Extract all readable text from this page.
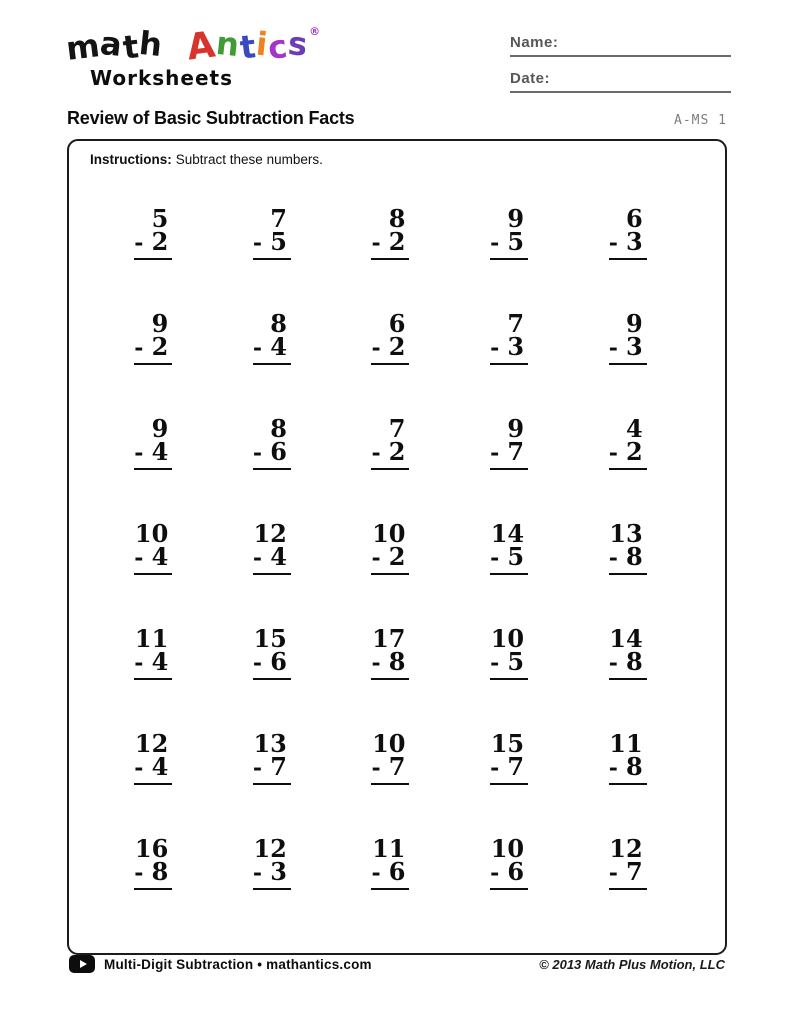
math Antics®
Worksheets
Name:
Date:
Review of Basic Subtraction Facts	A-MS 1

Instructions: Subtract these numbers.

5
- 2
7
- 5
8
- 2
9
- 5
6
- 3
9
- 2
8
- 4
6
- 2
7
- 3
9
- 3
9
- 4
8
- 6
7
- 2
9
- 7
4
- 2
10
- 4
12
- 4
10
- 2
14
- 5
13
- 8
11
- 4
15
- 6
17
- 8
10
- 5
14
- 8
12
- 4
13
- 7
10
- 7
15
- 7
11
- 8
16
- 8
12
- 3
11
- 6
10
- 6
12
- 7
Multi-Digit Subtraction • mathantics.com	© 2013 Math Plus Motion, LLC
